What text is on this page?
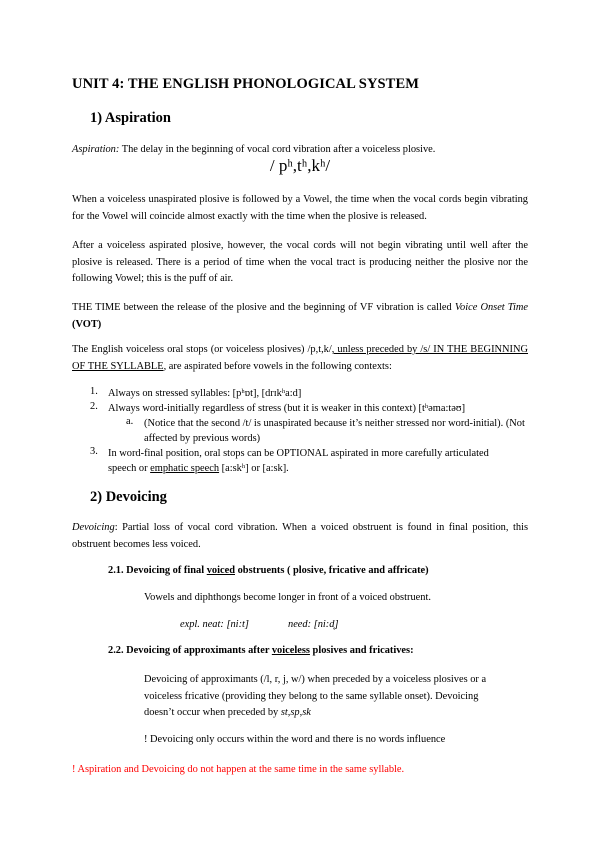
UNIT 4: THE ENGLISH PHONOLOGICAL SYSTEM
1) Aspiration
Aspiration: The delay in the beginning of vocal cord vibration after a voiceless plosive.
/ pʰ,tʰ,kʰ/
When a voiceless unaspirated plosive is followed by a Vowel, the time when the vocal cords begin vibrating for the Vowel will coincide almost exactly with the time when the plosive is released.
After a voiceless aspirated plosive, however, the vocal cords will not begin vibrating until well after the plosive is released. There is a period of time when the vocal tract is producing neither the plosive nor the following Vowel; this is the puff of air.
THE TIME between the release of the plosive and the beginning of VF vibration is called Voice Onset Time (VOT)
The English voiceless oral stops (or voiceless plosives) /p,t,k/, unless preceded by /s/ IN THE BEGINNING OF THE SYLLABLE, are aspirated before vowels in the following contexts:
1. Always on stressed syllables: [pʰɒt], [drɪkʰa:d]
2. Always word-initially regardless of stress (but it is weaker in this context) [tʰəma:təʊ]
a. (Notice that the second /t/ is unaspirated because it’s neither stressed nor word-initial). (Not affected by previous words)
3. In word-final position, oral stops can be OPTIONAL aspirated in more carefully articulated speech or emphatic speech [a:skʰ] or [a:sk].
2) Devoicing
Devoicing: Partial loss of vocal cord vibration. When a voiced obstruent is found in final position, this obstruent becomes less voiced.
2.1. Devoicing of final voiced obstruents ( plosive, fricative and affricate)
Vowels and diphthongs become longer in front of a voiced obstruent.
expl. neat: [ni:t]	need: [ni:d̥]
2.2. Devoicing of approximants after voiceless plosives and fricatives:
Devoicing of approximants (/l, r, j, w/) when preceded by a voiceless plosives or a voiceless fricative (providing they belong to the same syllable onset). Devoicing doesn’t occur when preceded by st,sp,sk
! Devoicing only occurs within the word and there is no words influence
! Aspiration and Devoicing do not happen at the same time in the same syllable.
